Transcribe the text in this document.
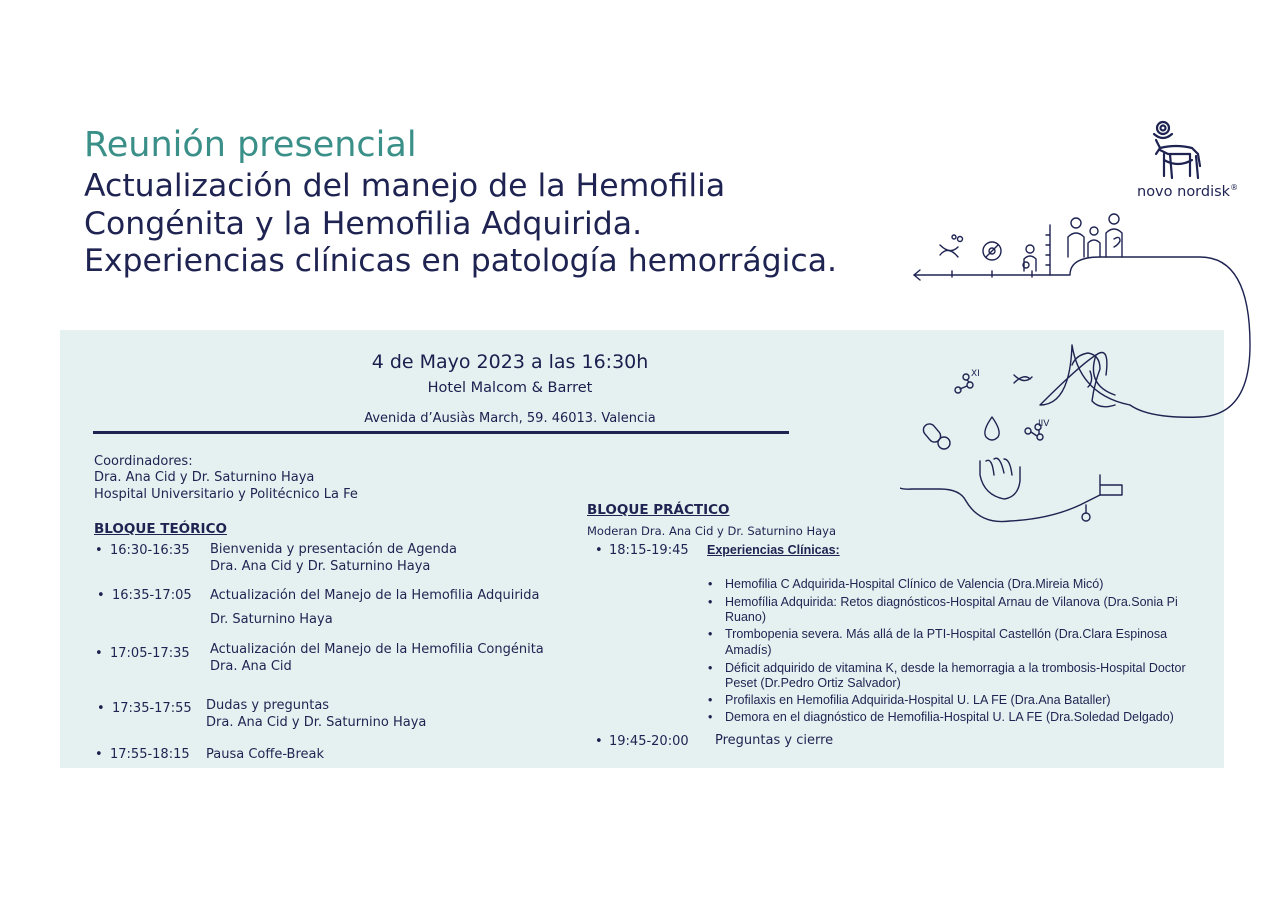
Reunión presencial
Actualización del manejo de la Hemofilia
Congénita y la Hemofilia Adquirida.
Experiencias clínicas en patología hemorrágica.
novo nordisk®
XI
IIV
4 de Mayo 2023 a las 16:30h
Hotel Malcom & Barret
Avenida d’Ausiàs March, 59. 46013. Valencia
Coordinadores:
Dra. Ana Cid y Dr. Saturnino Haya
Hospital Universitario y Politécnico La Fe
BLOQUE TEÓRICO
• 16:30-16:35 Bienvenida y presentación de Agenda
Dra. Ana Cid y Dr. Saturnino Haya
• 16:35-17:05 Actualización del Manejo de la Hemofilia Adquirida
Dr. Saturnino Haya
• 17:05-17:35 Actualización del Manejo de la Hemofilia Congénita
Dra. Ana Cid
• 17:35-17:55 Dudas y preguntas
Dra. Ana Cid y Dr. Saturnino Haya
• 17:55-18:15 Pausa Coffe-Break
BLOQUE PRÁCTICO
Moderan Dra. Ana Cid y Dr. Saturnino Haya
• 18:15-19:45 Experiencias Clínicas:
• Hemofilia C Adquirida-Hospital Clínico de Valencia (Dra.Mireia Micó)
• Hemofília Adquirida: Retos diagnósticos-Hospital Arnau de Vilanova (Dra.Sonia Pi
Ruano)
• Trombopenia severa. Más allá de la PTI-Hospital Castellón (Dra.Clara Espinosa
Amadís)
• Déficit adquirido de vitamina K, desde la hemorragia a la trombosis-Hospital Doctor
Peset (Dr.Pedro Ortiz Salvador)
• Profilaxis en Hemofilia Adquirida-Hospital U. LA FE (Dra.Ana Bataller)
• Demora en el diagnóstico de Hemofilia-Hospital U. LA FE (Dra.Soledad Delgado)
• 19:45-20:00 Preguntas y cierre
